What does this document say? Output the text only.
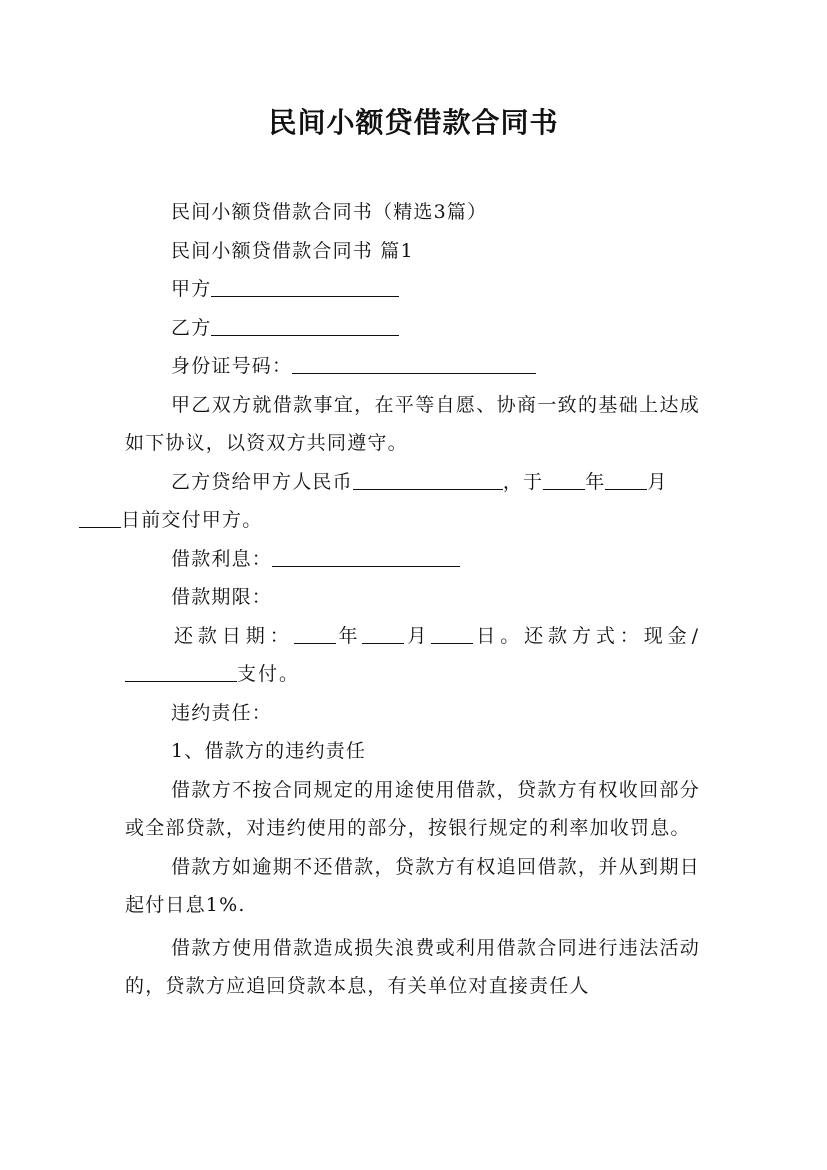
民间小额贷借款合同书

民间小额贷借款合同书（精选3篇）

民间小额贷借款合同书 篇1

甲方

乙方

身份证号码：

甲乙双方就借款事宜，在平等自愿、协商一致的基础上达成如下协议，以资双方共同遵守。

乙方贷给甲方人民币	，于 年 月
日前交付甲方。

借款利息：

借款期限：

还款日期： 年 月 日。还款方式：现金/支付。

违约责任：

1、借款方的违约责任

借款方不按合同规定的用途使用借款，贷款方有权收回部分或全部贷款，对违约使用的部分，按银行规定的利率加收罚息。

借款方如逾期不还借款，贷款方有权追回借款，并从到期日起付日息1%.

借款方使用借款造成损失浪费或利用借款合同进行违法活动的，贷款方应追回贷款本息，有关单位对直接责任人
